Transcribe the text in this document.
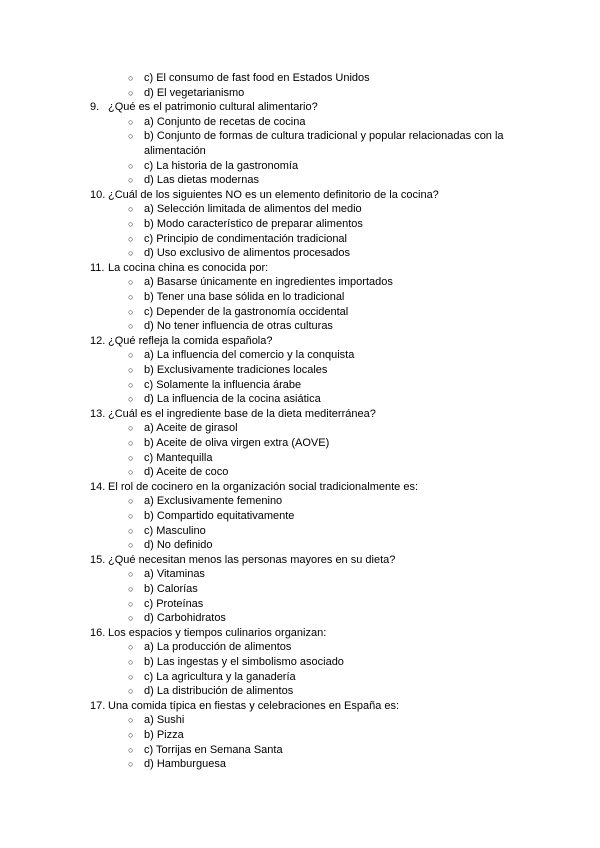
○ c) El consumo de fast food en Estados Unidos
○ d) El vegetarianismo
9. ¿Qué es el patrimonio cultural alimentario?
○ a) Conjunto de recetas de cocina
○ b) Conjunto de formas de cultura tradicional y popular relacionadas con la
alimentación
○ c) La historia de la gastronomía
○ d) Las dietas modernas
10. ¿Cuál de los siguientes NO es un elemento definitorio de la cocina?
○ a) Selección limitada de alimentos del medio
○ b) Modo característico de preparar alimentos
○ c) Principio de condimentación tradicional
○ d) Uso exclusivo de alimentos procesados
11. La cocina china es conocida por:
○ a) Basarse únicamente en ingredientes importados
○ b) Tener una base sólida en lo tradicional
○ c) Depender de la gastronomía occidental
○ d) No tener influencia de otras culturas
12. ¿Qué refleja la comida española?
○ a) La influencia del comercio y la conquista
○ b) Exclusivamente tradiciones locales
○ c) Solamente la influencia árabe
○ d) La influencia de la cocina asiática
13. ¿Cuál es el ingrediente base de la dieta mediterránea?
○ a) Aceite de girasol
○ b) Aceite de oliva virgen extra (AOVE)
○ c) Mantequilla
○ d) Aceite de coco
14. El rol de cocinero en la organización social tradicionalmente es:
○ a) Exclusivamente femenino
○ b) Compartido equitativamente
○ c) Masculino
○ d) No definido
15. ¿Qué necesitan menos las personas mayores en su dieta?
○ a) Vitaminas
○ b) Calorías
○ c) Proteínas
○ d) Carbohidratos
16. Los espacios y tiempos culinarios organizan:
○ a) La producción de alimentos
○ b) Las ingestas y el simbolismo asociado
○ c) La agricultura y la ganadería
○ d) La distribución de alimentos
17. Una comida típica en fiestas y celebraciones en España es:
○ a) Sushi
○ b) Pizza
○ c) Torrijas en Semana Santa
○ d) Hamburguesa
